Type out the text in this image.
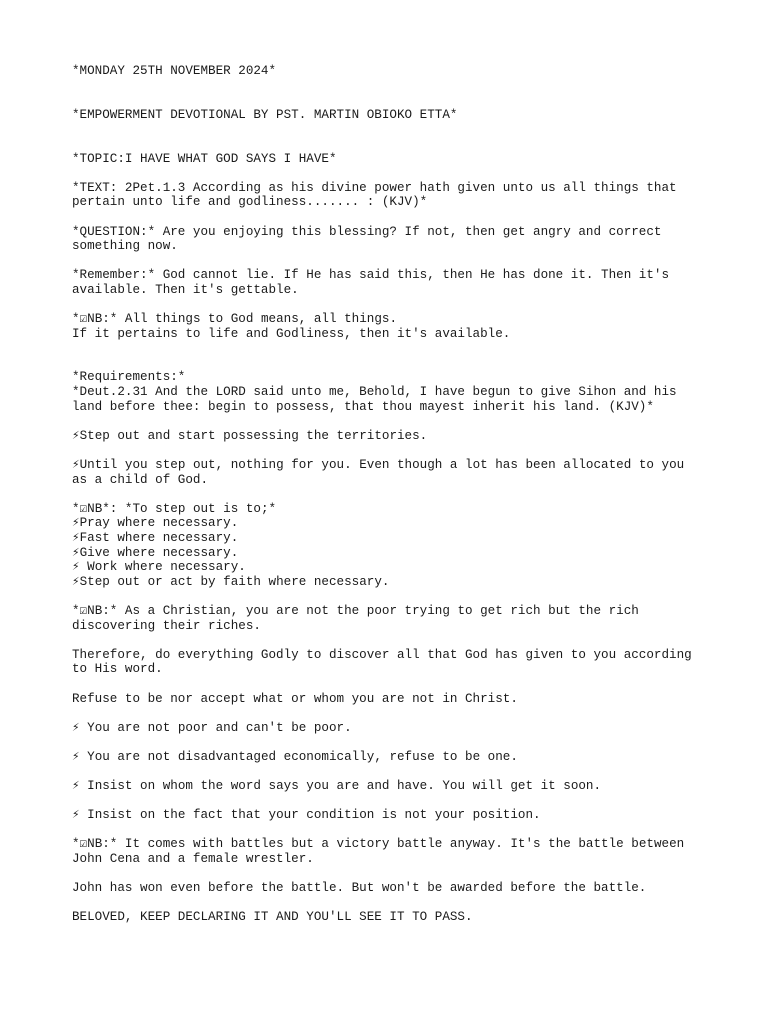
*MONDAY 25TH NOVEMBER 2024*

*EMPOWERMENT DEVOTIONAL BY PST. MARTIN OBIOKO ETTA*

*TOPIC:I HAVE WHAT GOD SAYS I HAVE*

*TEXT: 2Pet.1.3 According as his divine power hath given unto us all things that pertain unto life and godliness....... : (KJV)*

*QUESTION:* Are you enjoying this blessing? If not, then get angry and correct something now.

*Remember:* God cannot lie. If He has said this, then He has done it. Then it's available. Then it's gettable.

*☑NB:* All things to God means, all things.

If it pertains to life and Godliness, then it's available.

*Requirements:*

*Deut.2.31 And the LORD said unto me, Behold, I have begun to give Sihon and his land before thee: begin to possess, that thou mayest inherit his land. (KJV)*

⚡Step out and start possessing the territories.

⚡Until you step out, nothing for you. Even though a lot has been allocated to you as a child of God.

*☑NB*: *To step out is to;*

⚡Pray where necessary.

⚡Fast where necessary.

⚡Give where necessary.

⚡ Work where necessary.

⚡Step out or act by faith where necessary.

*☑NB:* As a Christian, you are not the poor trying to get rich but the rich discovering their riches.

Therefore, do everything Godly to discover all that God has given to you according to His word.

Refuse to be nor accept what or whom you are not in Christ.

⚡ You are not poor and can't be poor.

⚡ You are not disadvantaged economically, refuse to be one.

⚡ Insist on whom the word says you are and have. You will get it soon.

⚡ Insist on the fact that your condition is not your position.

*☑NB:* It comes with battles but a victory battle anyway. It's the battle between John Cena and a female wrestler.

John has won even before the battle. But won't be awarded before the battle.

BELOVED, KEEP DECLARING IT AND YOU'LL SEE IT TO PASS.
